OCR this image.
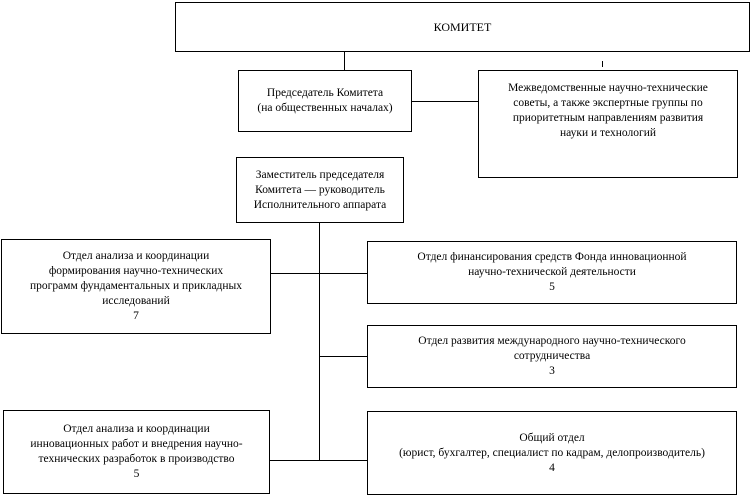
КОМИТЕТ
Председатель Комитета
(на общественных началах)
Межведомственные научно-технические
советы, а также экспертные группы по
приоритетным направлениям развития
науки и технологий
Заместитель председателя
Комитета — руководитель
Исполнительного аппарата
Отдел анализа и координации
формирования научно-технических
программ фундаментальных и прикладных
исследований
7
Отдел финансирования средств Фонда инновационной
научно-технической деятельности
5
Отдел развития международного научно-технического
сотрудничества
3
Отдел анализа и координации
инновационных работ и внедрения научно-
технических разработок в производство
5
Общий отдел
(юрист, бухгалтер, специалист по кадрам, делопроизводитель)
4
